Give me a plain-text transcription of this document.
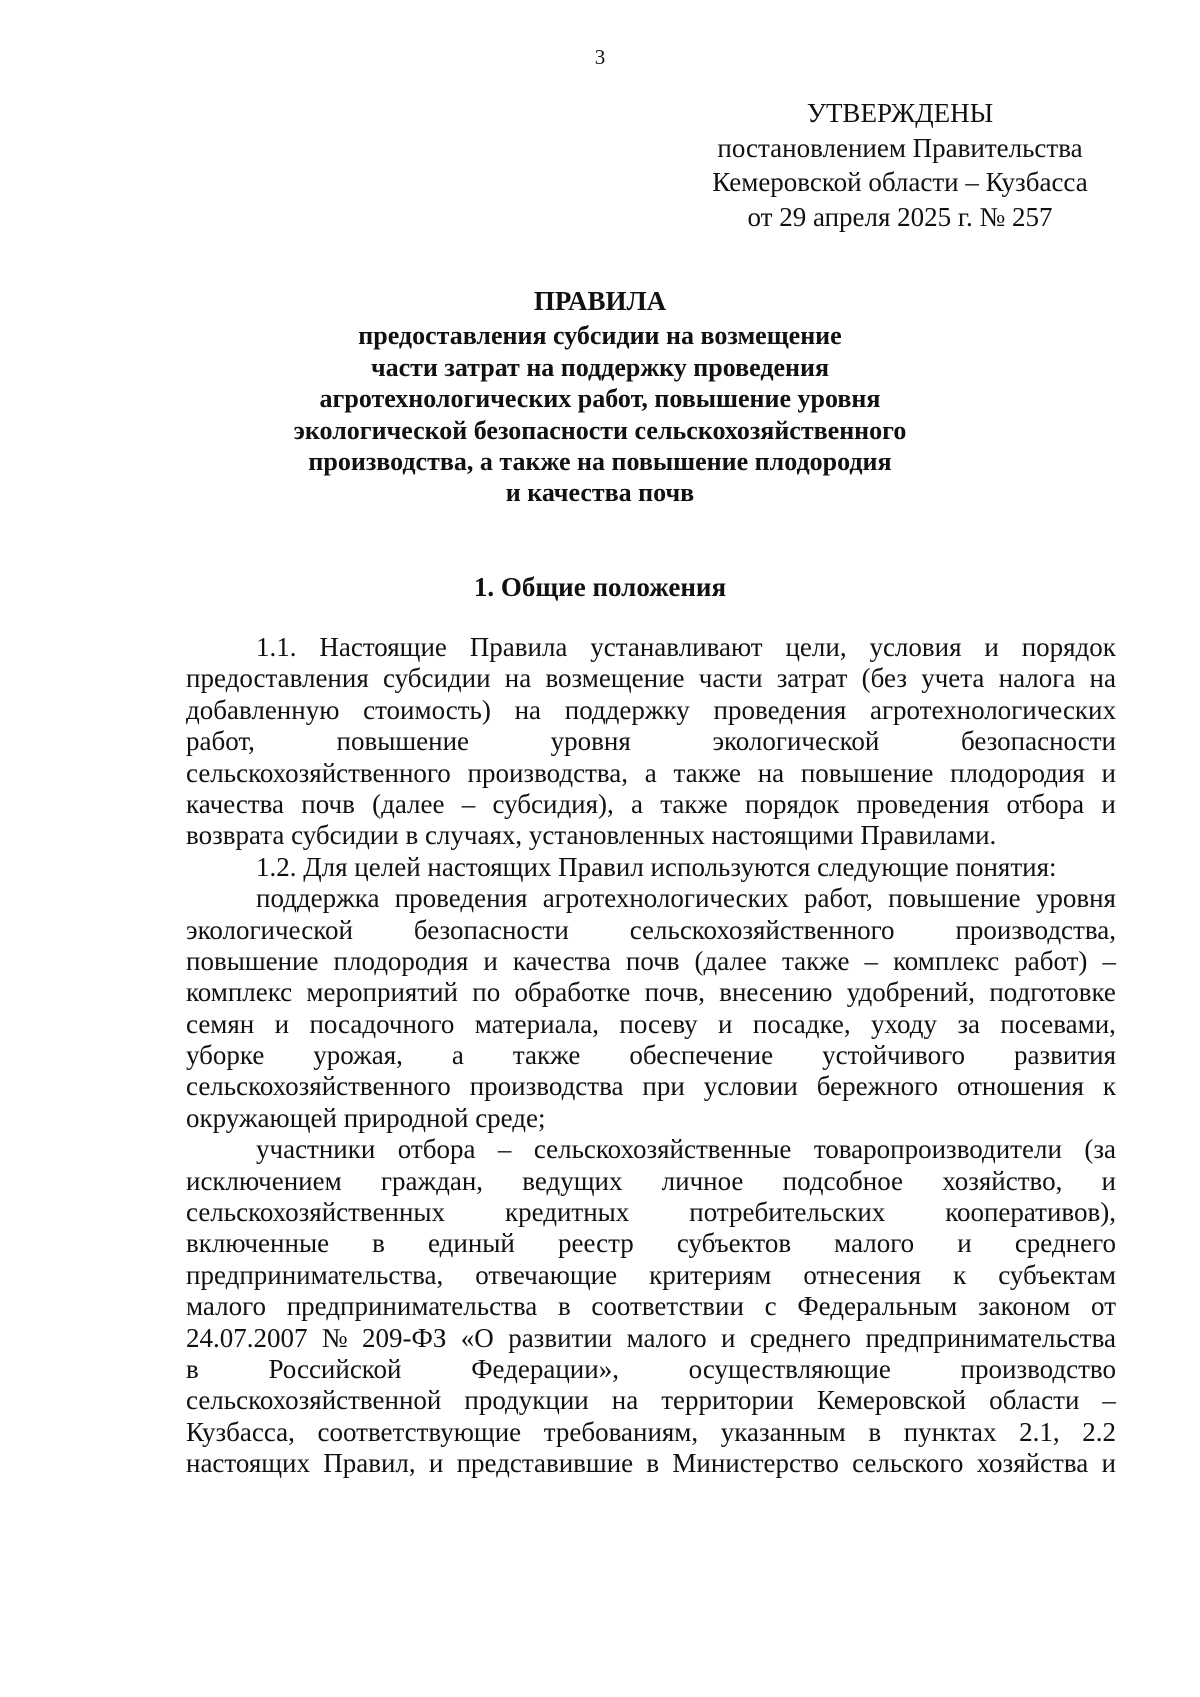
3
УТВЕРЖДЕНЫ
постановлением Правительства
Кемеровской области – Кузбасса
от 29 апреля 2025 г. № 257
ПРАВИЛА
предоставления субсидии на возмещение
части затрат на поддержку проведения
агротехнологических работ, повышение уровня
экологической безопасности сельскохозяйственного
производства, а также на повышение плодородия
и качества почв
1. Общие положения
1.1. Настоящие Правила устанавливают цели, условия и порядок
предоставления субсидии на возмещение части затрат (без учета налога на
добавленную стоимость) на поддержку проведения агротехнологических
работ,	повышение	уровня	экологической	безопасности
сельскохозяйственного производства, а также на повышение плодородия и
качества почв (далее – субсидия), а также порядок проведения отбора и
возврата субсидии в случаях, установленных настоящими Правилами.
1.2. Для целей настоящих Правил используются следующие понятия:
поддержка проведения агротехнологических работ, повышение уровня
экологической безопасности сельскохозяйственного производства,
повышение плодородия и качества почв (далее также – комплекс работ) –
комплекс мероприятий по обработке почв, внесению удобрений, подготовке
семян и посадочного материала, посеву и посадке, уходу за посевами,
уборке урожая, а также обеспечение устойчивого развития
сельскохозяйственного производства при условии бережного отношения к
окружающей природной среде;
участники отбора – сельскохозяйственные товаропроизводители (за
исключением граждан, ведущих личное подсобное хозяйство, и
сельскохозяйственных кредитных потребительских кооперативов),
включенные в единый реестр субъектов малого и среднего
предпринимательства, отвечающие критериям отнесения к субъектам
малого предпринимательства в соответствии с Федеральным законом от
24.07.2007 № 209-ФЗ «О развитии малого и среднего предпринимательства
в	Российской	Федерации»,	осуществляющие	производство
сельскохозяйственной продукции на территории Кемеровской области –
Кузбасса, соответствующие требованиям, указанным в пунктах 2.1, 2.2
настоящих Правил, и представившие в Министерство сельского хозяйства и
